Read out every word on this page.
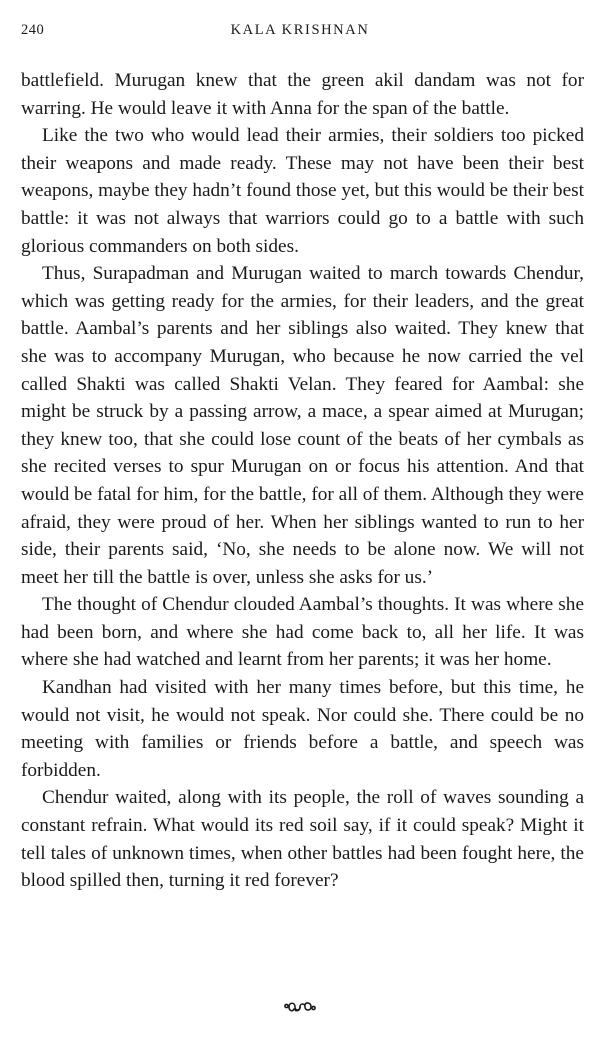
240	KALA KRISHNAN

battlefield. Murugan knew that the green akil dandam was not for warring. He would leave it with Anna for the span of the battle.

Like the two who would lead their armies, their soldiers too picked their weapons and made ready. These may not have been their best weapons, maybe they hadn’t found those yet, but this would be their best battle: it was not always that warriors could go to a battle with such glorious commanders on both sides.

Thus, Surapadman and Murugan waited to march towards Chendur, which was getting ready for the armies, for their leaders, and the great battle. Aambal’s parents and her siblings also waited. They knew that she was to accompany Murugan, who because he now carried the vel called Shakti was called Shakti Velan. They feared for Aambal: she might be struck by a passing arrow, a mace, a spear aimed at Murugan; they knew too, that she could lose count of the beats of her cymbals as she recited verses to spur Murugan on or focus his attention. And that would be fatal for him, for the battle, for all of them. Although they were afraid, they were proud of her. When her siblings wanted to run to her side, their parents said, ‘No, she needs to be alone now. We will not meet her till the battle is over, unless she asks for us.’

The thought of Chendur clouded Aambal’s thoughts. It was where she had been born, and where she had come back to, all her life. It was where she had watched and learnt from her parents; it was her home.

Kandhan had visited with her many times before, but this time, he would not visit, he would not speak. Nor could she. There could be no meeting with families or friends before a battle, and speech was forbidden.

Chendur waited, along with its people, the roll of waves sounding a constant refrain. What would its red soil say, if it could speak? Might it tell tales of unknown times, when other battles had been fought here, the blood spilled then, turning it red forever?
